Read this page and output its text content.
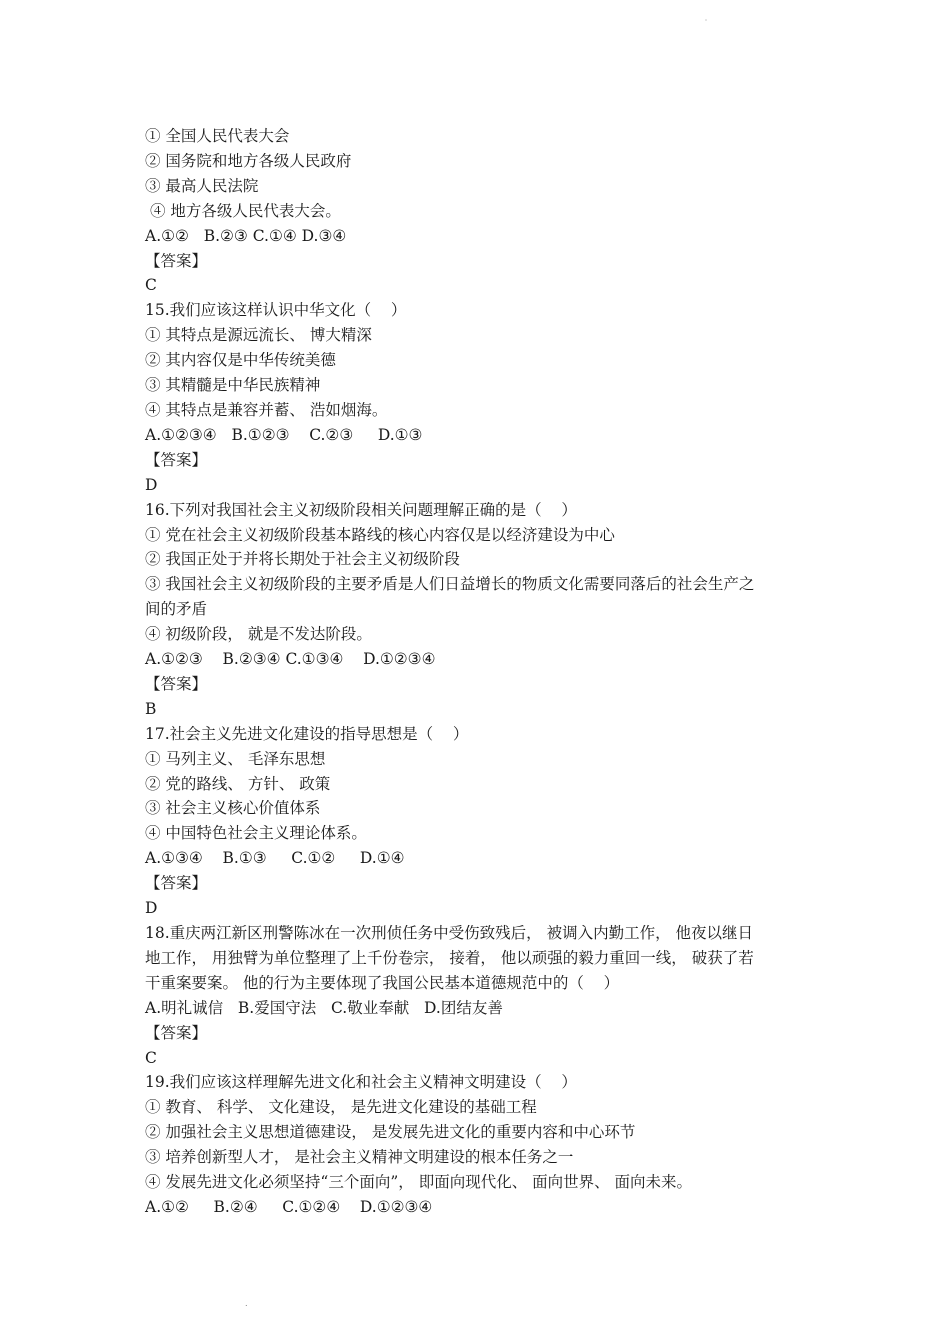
˙

① 全国人民代表大会

② 国务院和地方各级人民政府

③ 最高人民法院

④ 地方各级人民代表大会。

A.①②   B.②③ C.①④ D.③④

【答案】

C

15.我们应该这样认识中华文化（    ）

① 其特点是源远流长、 博大精深

② 其内容仅是中华传统美德

③ 其精髓是中华民族精神

④ 其特点是兼容并蓄、 浩如烟海。

A.①②③④   B.①②③    C.②③     D.①③

【答案】

D

16.下列对我国社会主义初级阶段相关问题理解正确的是（    ）

① 党在社会主义初级阶段基本路线的核心内容仅是以经济建设为中心

② 我国正处于并将长期处于社会主义初级阶段

③ 我国社会主义初级阶段的主要矛盾是人们日益增长的物质文化需要同落后的社会生产之

间的矛盾

④ 初级阶段， 就是不发达阶段。

A.①②③    B.②③④ C.①③④    D.①②③④

【答案】

B

17.社会主义先进文化建设的指导思想是（    ）

① 马列主义、 毛泽东思想

② 党的路线、 方针、 政策

③ 社会主义核心价值体系

④ 中国特色社会主义理论体系。

A.①③④    B.①③     C.①②     D.①④

【答案】

D

18.重庆两江新区刑警陈冰在一次刑侦任务中受伤致残后， 被调入内勤工作， 他夜以继日

地工作， 用独臂为单位整理了上千份卷宗， 接着， 他以顽强的毅力重回一线， 破获了若

干重案要案。 他的行为主要体现了我国公民基本道德规范中的（    ）

A.明礼诚信   B.爱国守法   C.敬业奉献   D.团结友善

【答案】

C

19.我们应该这样理解先进文化和社会主义精神文明建设（    ）

① 教育、 科学、 文化建设， 是先进文化建设的基础工程

② 加强社会主义思想道德建设， 是发展先进文化的重要内容和中心环节

③ 培养创新型人才， 是社会主义精神文明建设的根本任务之一

④ 发展先进文化必须坚持“三个面向”， 即面向现代化、 面向世界、 面向未来。

A.①②     B.②④     C.①②④    D.①②③④

.
